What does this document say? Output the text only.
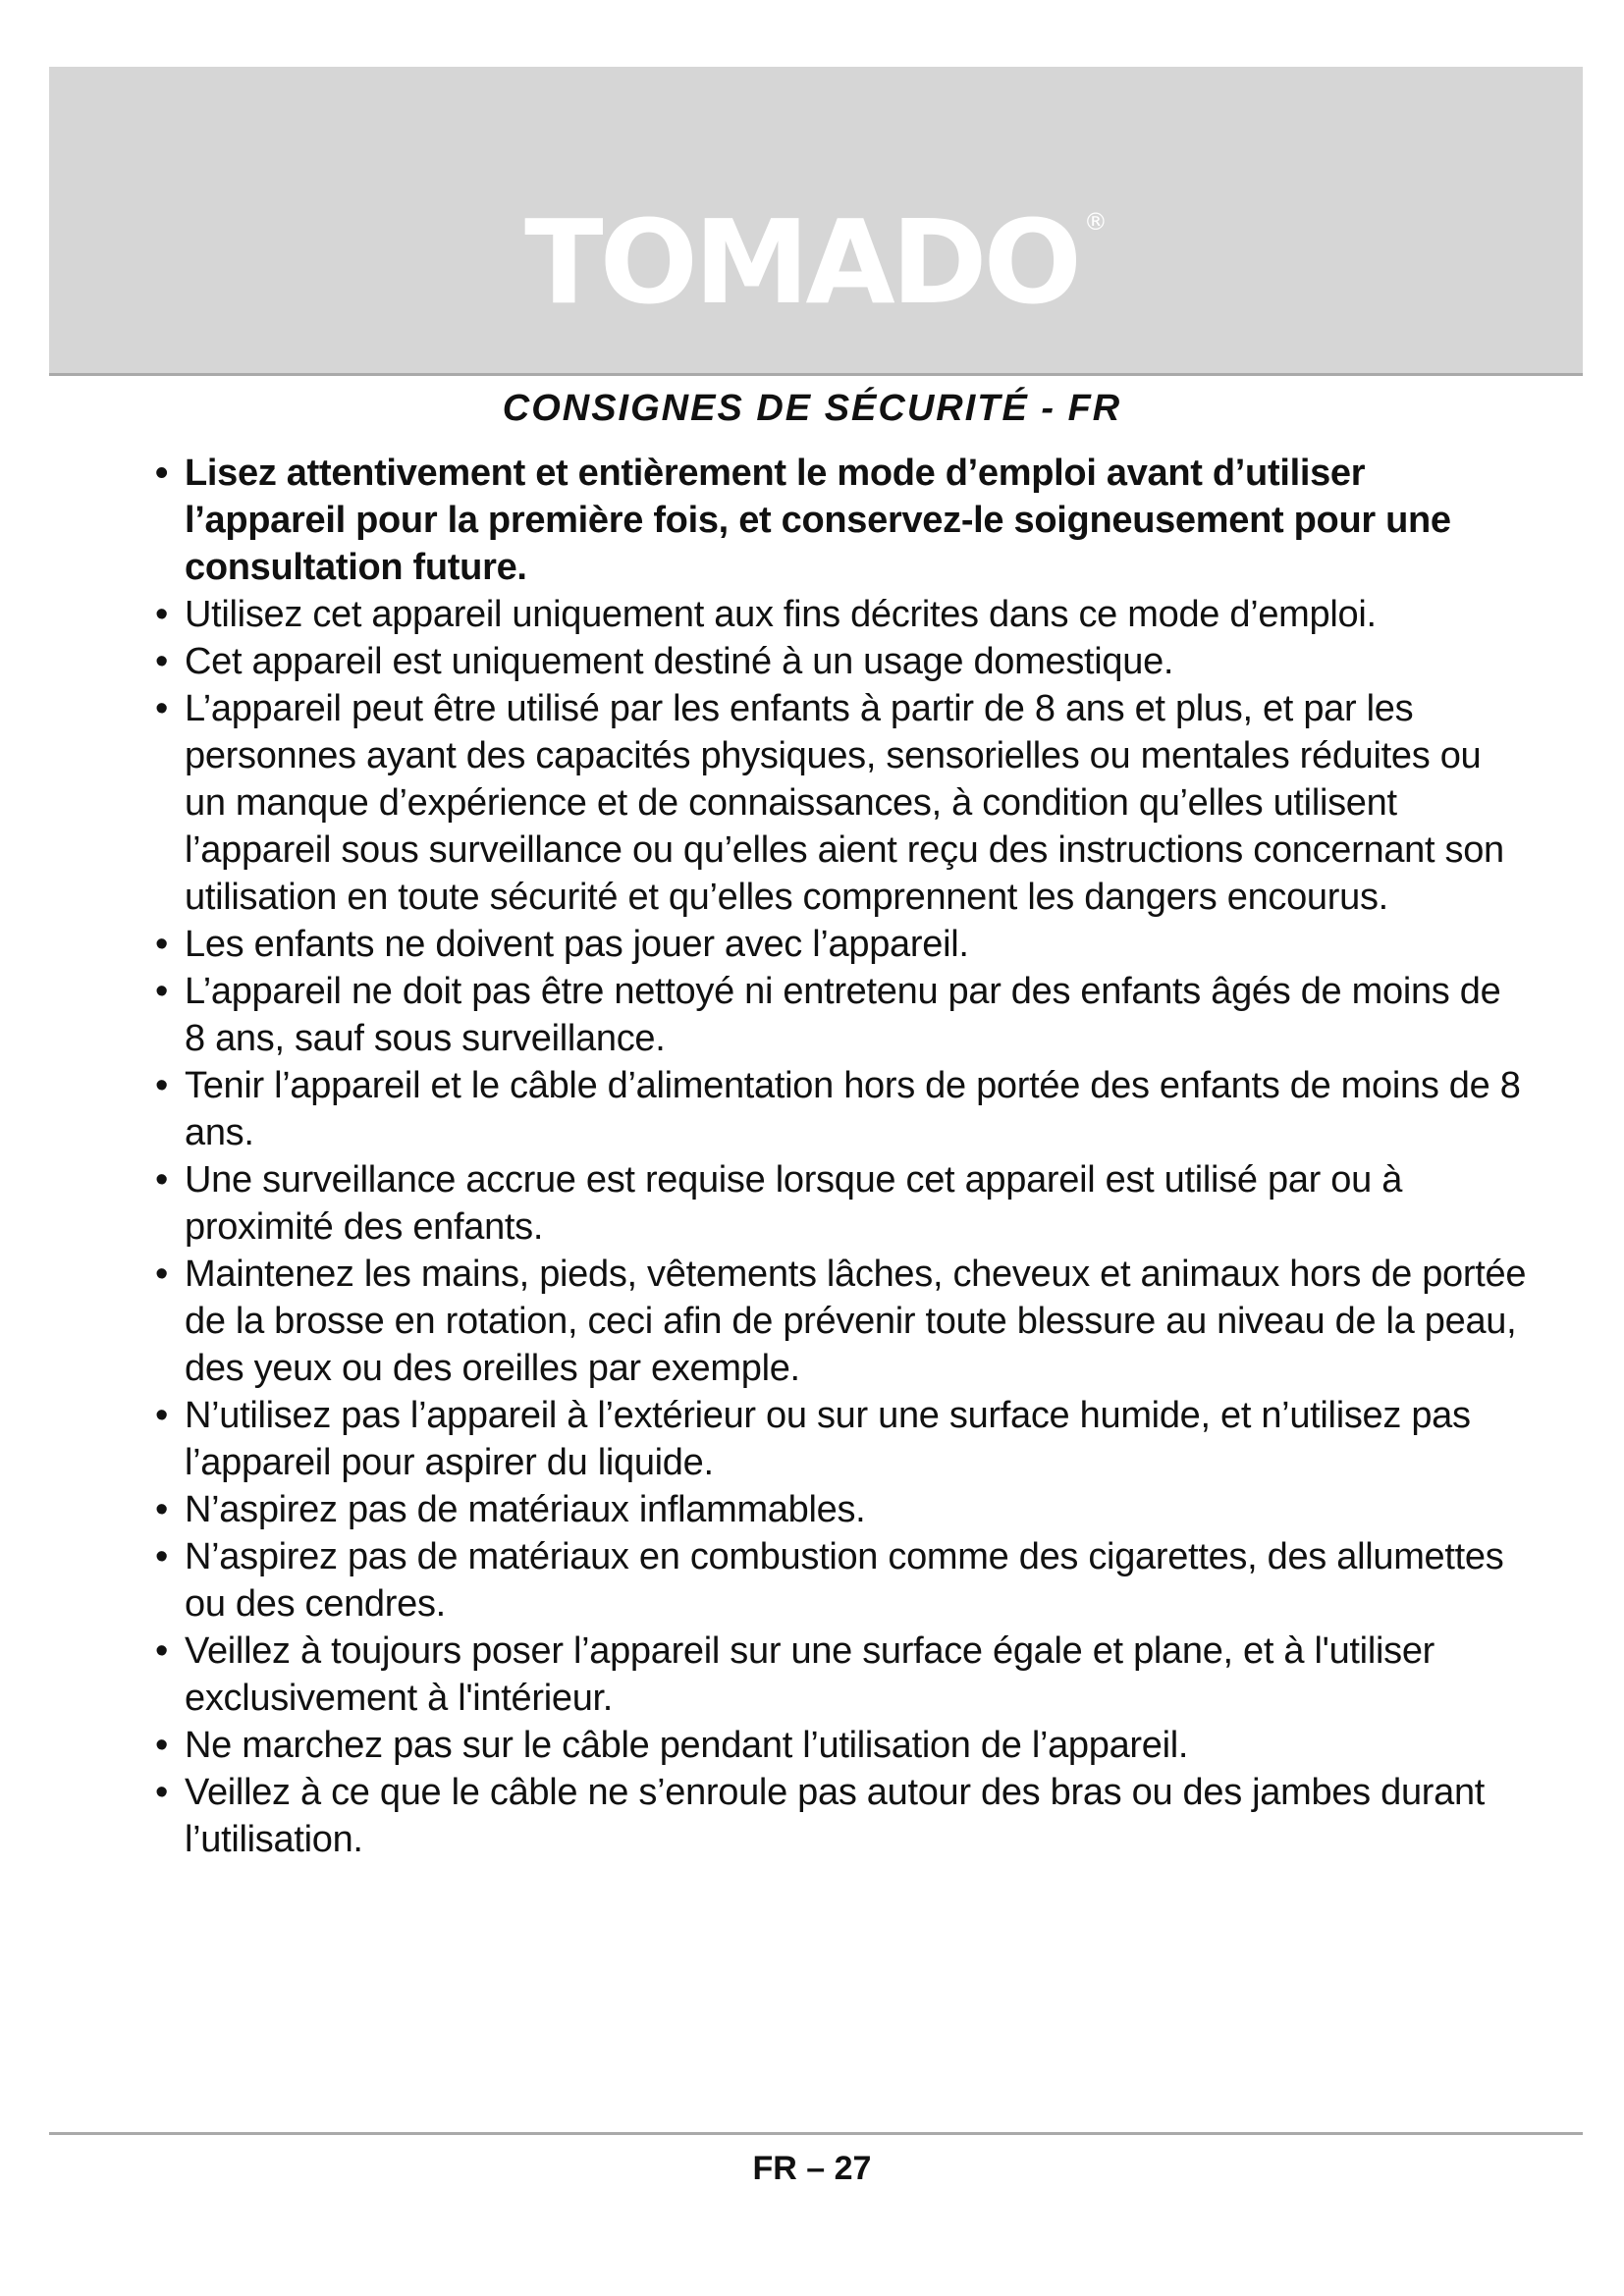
TOMADO ®
CONSIGNES DE SÉCURITÉ - FR
• Lisez attentivement et entièrement le mode d’emploi avant d’utiliser l’appareil pour la première fois, et conservez-le soigneusement pour une consultation future.
• Utilisez cet appareil uniquement aux fins décrites dans ce mode d’emploi.
• Cet appareil est uniquement destiné à un usage domestique.
• L’appareil peut être utilisé par les enfants à partir de 8 ans et plus, et par les personnes ayant des capacités physiques, sensorielles ou mentales réduites ou un manque d’expérience et de connaissances, à condition qu’elles utilisent l’appareil sous surveillance ou qu’elles aient reçu des instructions concernant son utilisation en toute sécurité et qu’elles comprennent les dangers encourus.
• Les enfants ne doivent pas jouer avec l’appareil.
• L’appareil ne doit pas être nettoyé ni entretenu par des enfants âgés de moins de 8 ans, sauf sous surveillance.
• Tenir l’appareil et le câble d’alimentation hors de portée des enfants de moins de 8 ans.
• Une surveillance accrue est requise lorsque cet appareil est utilisé par ou à proximité des enfants.
• Maintenez les mains, pieds, vêtements lâches, cheveux et animaux hors de portée de la brosse en rotation, ceci afin de prévenir toute blessure au niveau de la peau, des yeux ou des oreilles par exemple.
• N’utilisez pas l’appareil à l’extérieur ou sur une surface humide, et n’utilisez pas l’appareil pour aspirer du liquide.
• N’aspirez pas de matériaux inflammables.
• N’aspirez pas de matériaux en combustion comme des cigarettes, des allumettes ou des cendres.
• Veillez à toujours poser l’appareil sur une surface égale et plane, et à l'utiliser exclusivement à l'intérieur.
• Ne marchez pas sur le câble pendant l’utilisation de l’appareil.
• Veillez à ce que le câble ne s’enroule pas autour des bras ou des jambes durant l’utilisation.
FR – 27
